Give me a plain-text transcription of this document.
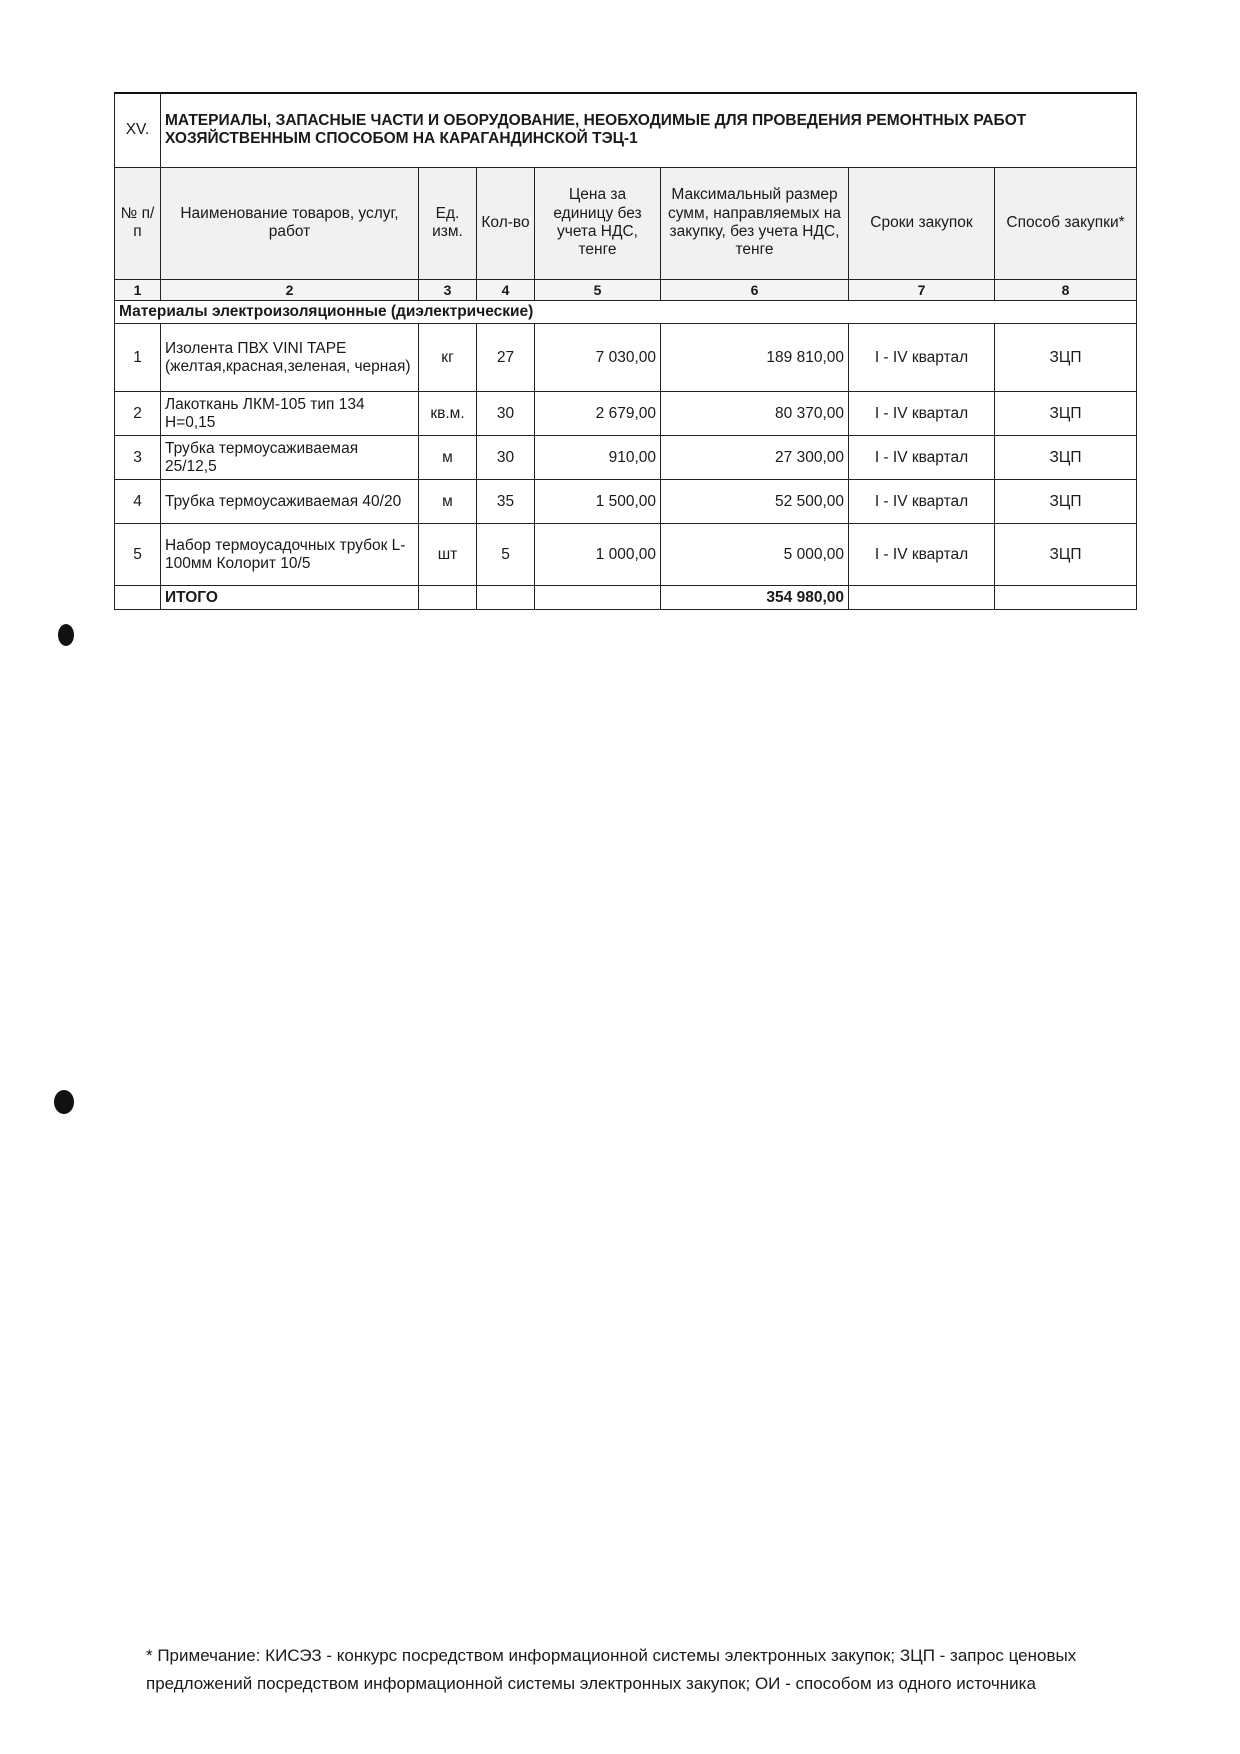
XV.	МАТЕРИАЛЫ, ЗАПАСНЫЕ ЧАСТИ И ОБОРУДОВАНИЕ, НЕОБХОДИМЫЕ ДЛЯ ПРОВЕДЕНИЯ РЕМОНТНЫХ РАБОТ ХОЗЯЙСТВЕННЫМ СПОСОБОМ НА КАРАГАНДИНСКОЙ ТЭЦ-1						
№ п/п	Наименование товаров, услуг, работ	Ед. изм.	Кол-во	Цена за единицу без учета НДС, тенге	Максимальный размер сумм, направляемых на закупку, без учета НДС, тенге	Сроки закупок	Способ закупки*
1	2	3	4	5	6	7	8
Материалы электроизоляционные (диэлектрические)							
1	Изолента ПВХ VINI TAPE (желтая,красная,зеленая, черная)	кг	27	7 030,00	189 810,00	I - IV квартал	ЗЦП
2	Лакоткань ЛКМ-105 тип 134 Н=0,15	кв.м.	30	2 679,00	80 370,00	I - IV квартал	ЗЦП
3	Трубка термоусаживаемая 25/12,5	м	30	910,00	27 300,00	I - IV квартал	ЗЦП
4	Трубка термоусаживаемая 40/20	м	35	1 500,00	52 500,00	I - IV квартал	ЗЦП
5	Набор термоусадочных трубок L-100мм Колорит 10/5	шт	5	1 000,00	5 000,00	I - IV квартал	ЗЦП
	ИТОГО				354 980,00		
* Примечание: КИСЭЗ - конкурс посредством информационной системы электронных закупок; ЗЦП - запрос ценовых предложений посредством информационной системы электронных закупок; ОИ - способом из одного источника
